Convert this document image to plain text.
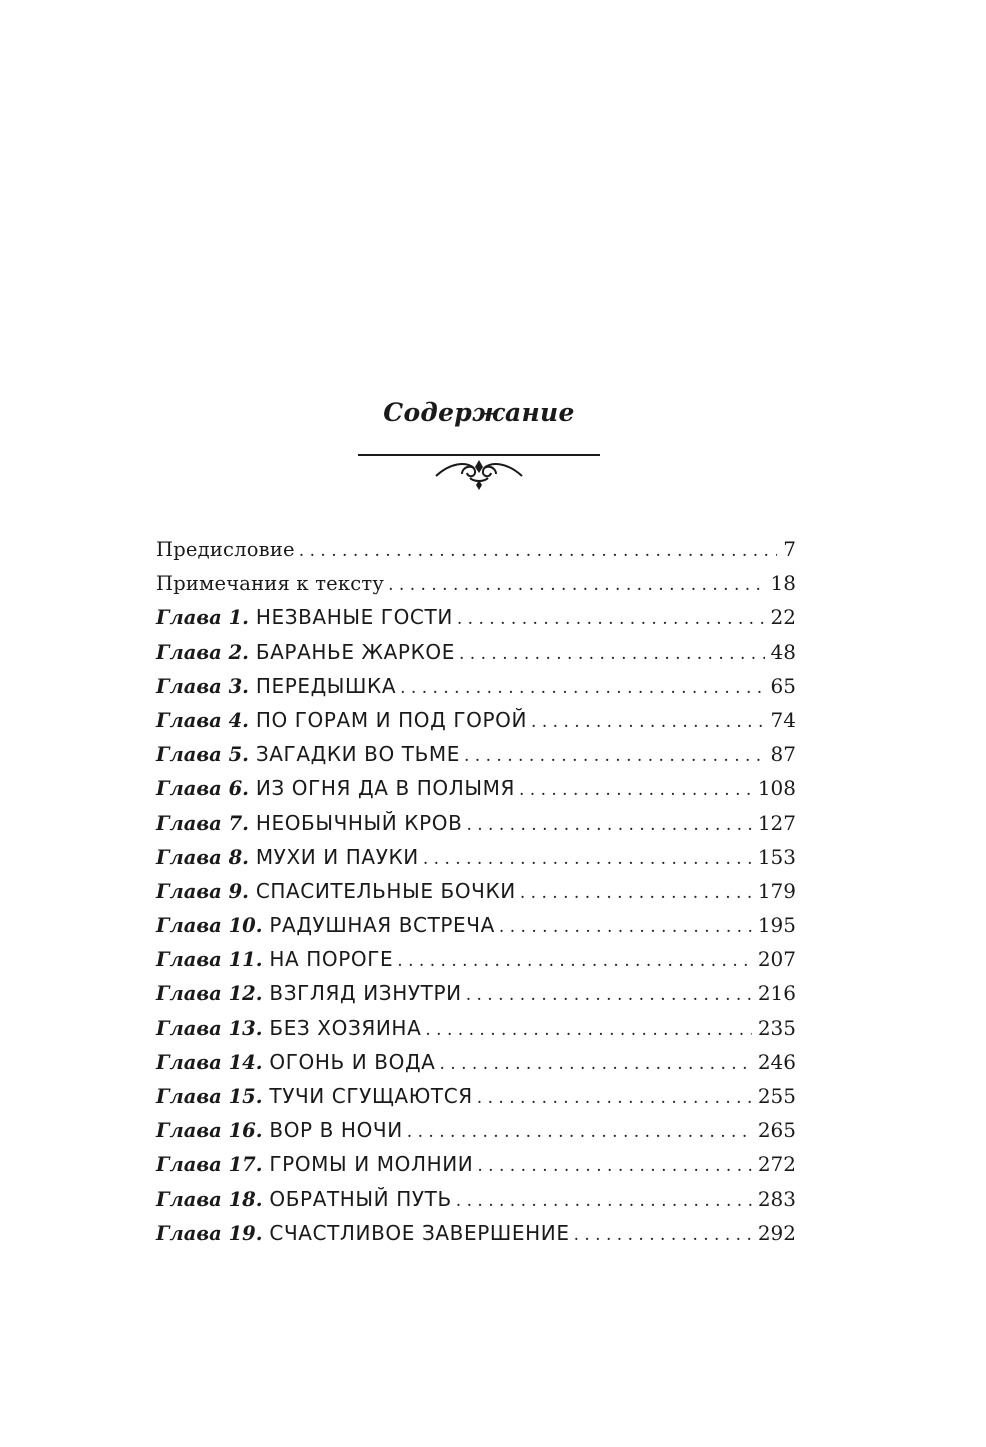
Содержание
Предисловие . . .	7
Примечания к тексту . . .	18
Глава 1. НЕЗВАНЫЕ ГОСТИ . . .	22
Глава 2. БАРАНЬЕ ЖАРКОЕ . . .	48
Глава 3. ПЕРЕДЫШКА . . .	65
Глава 4. ПО ГОРАМ И ПОД ГОРОЙ . . .	74
Глава 5. ЗАГАДКИ ВО ТЬМЕ . . .	87
Глава 6. ИЗ ОГНЯ ДА В ПОЛЫМЯ . . .	108
Глава 7. НЕОБЫЧНЫЙ КРОВ . . .	127
Глава 8. МУХИ И ПАУКИ . . .	153
Глава 9. СПАСИТЕЛЬНЫЕ БОЧКИ . . .	179
Глава 10. РАДУШНАЯ ВСТРЕЧА . . .	195
Глава 11. НА ПОРОГЕ . . .	207
Глава 12. ВЗГЛЯД ИЗНУТРИ . . .	216
Глава 13. БЕЗ ХОЗЯИНА . . .	235
Глава 14. ОГОНЬ И ВОДА . . .	246
Глава 15. ТУЧИ СГУЩАЮТСЯ . . .	255
Глава 16. ВОР В НОЧИ . . .	265
Глава 17. ГРОМЫ И МОЛНИИ . . .	272
Глава 18. ОБРАТНЫЙ ПУТЬ . . .	283
Глава 19. СЧАСТЛИВОЕ ЗАВЕРШЕНИЕ . . .	292
